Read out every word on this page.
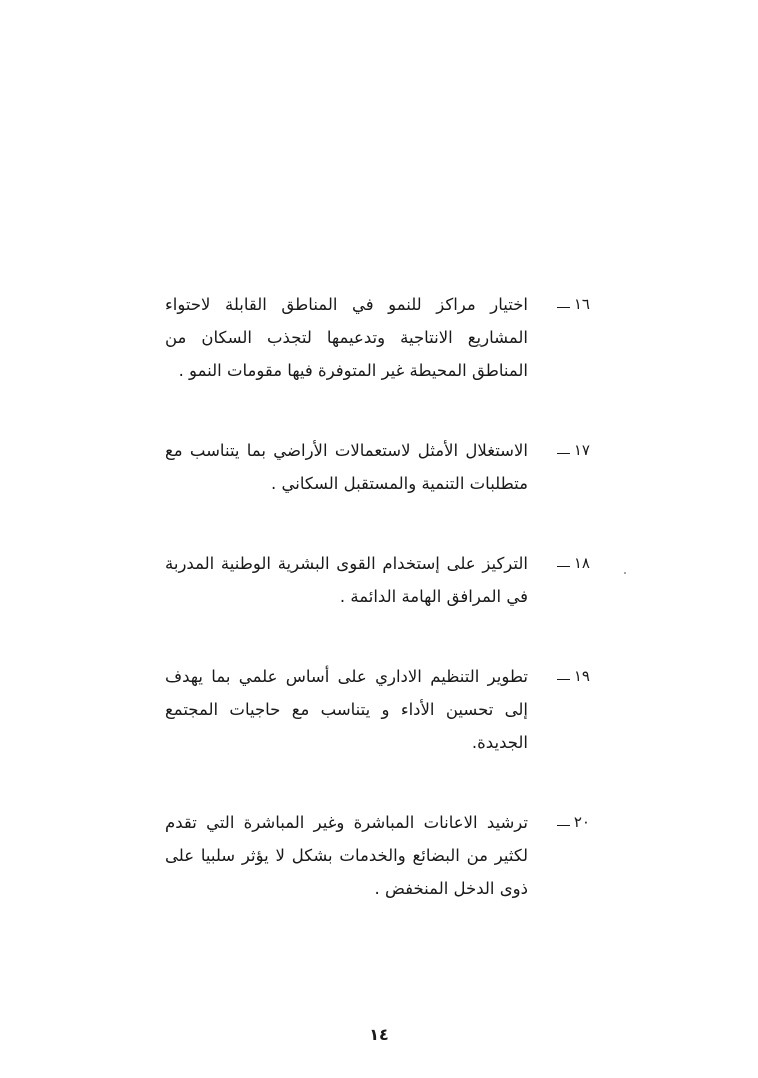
١٦
اختيار مراكز للنمو في المناطق القابلة لاحتواء المشاريع الانتاجية وتدعيمها لتجذب السكان من المناطق المحيطة غير المتوفرة فيها مقومات النمو .
١٧
الاستغلال الأمثل لاستعمالات الأراضي بما يتناسب مع متطلبات التنمية والمستقبل السكاني .
١٨
التركيز على إستخدام القوى البشرية الوطنية المدربة في المرافق الهامة الدائمة .
١٩
تطوير التنظيم الاداري على أساس علمي بما يهدف إلى تحسين الأداء و يتناسب مع حاجيات المجتمع الجديدة.
٢٠
ترشيد الاعانات المباشرة وغير المباشرة التي تقدم لكثير من البضائع والخدمات بشكل لا يؤثر سلبيا على ذوى الدخل المنخفض .
١٤
